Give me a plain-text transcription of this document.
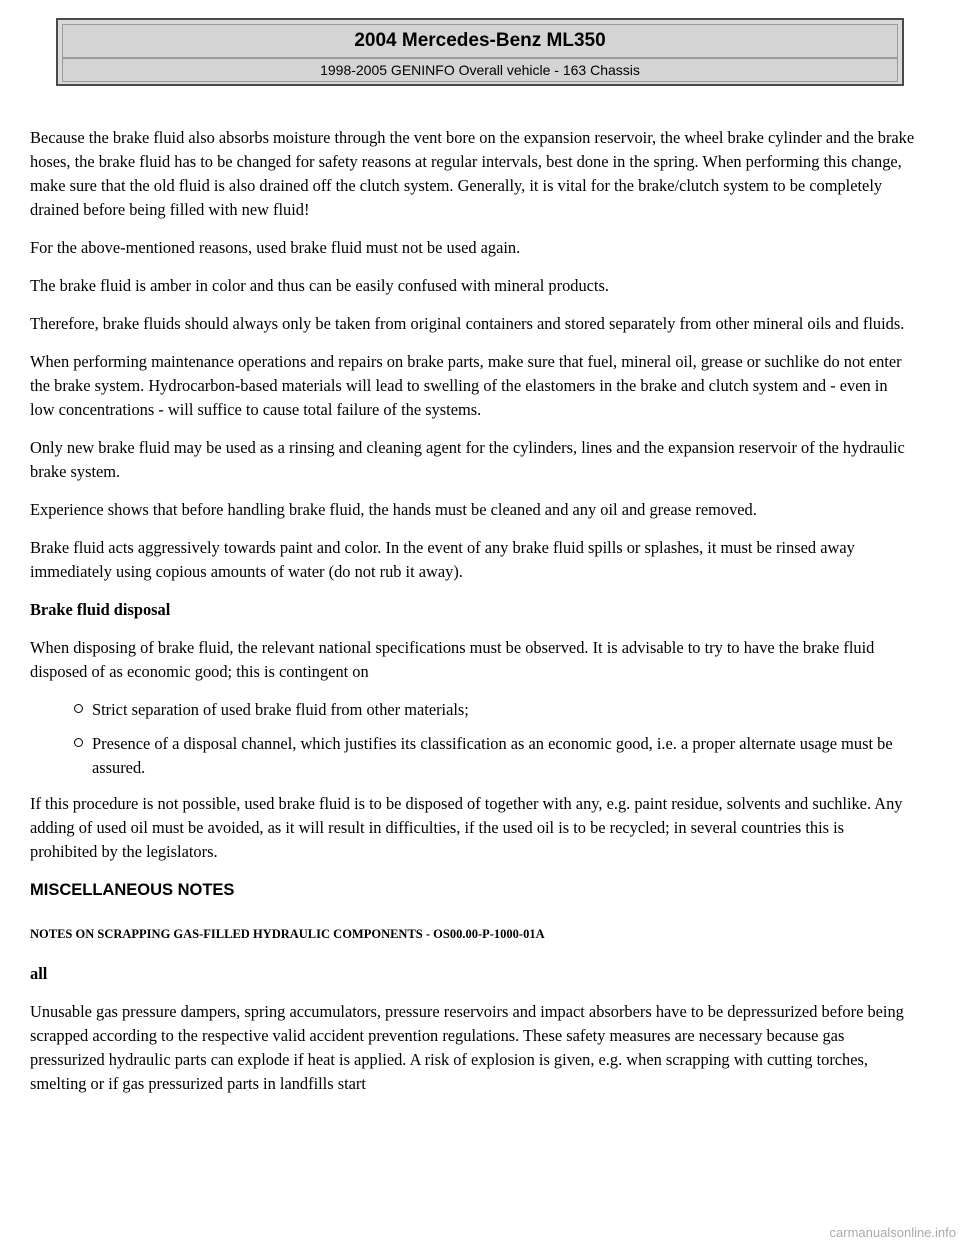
2004 Mercedes-Benz ML350
1998-2005 GENINFO Overall vehicle - 163 Chassis

Because the brake fluid also absorbs moisture through the vent bore on the expansion reservoir, the wheel brake cylinder and the brake hoses, the brake fluid has to be changed for safety reasons at regular intervals, best done in the spring. When performing this change, make sure that the old fluid is also drained off the clutch system. Generally, it is vital for the brake/clutch system to be completely drained before being filled with new fluid!

For the above-mentioned reasons, used brake fluid must not be used again.

The brake fluid is amber in color and thus can be easily confused with mineral products.

Therefore, brake fluids should always only be taken from original containers and stored separately from other mineral oils and fluids.

When performing maintenance operations and repairs on brake parts, make sure that fuel, mineral oil, grease or suchlike do not enter the brake system. Hydrocarbon-based materials will lead to swelling of the elastomers in the brake and clutch system and - even in low concentrations - will suffice to cause total failure of the systems.

Only new brake fluid may be used as a rinsing and cleaning agent for the cylinders, lines and the expansion reservoir of the hydraulic brake system.

Experience shows that before handling brake fluid, the hands must be cleaned and any oil and grease removed.

Brake fluid acts aggressively towards paint and color. In the event of any brake fluid spills or splashes, it must be rinsed away immediately using copious amounts of water (do not rub it away).

Brake fluid disposal

When disposing of brake fluid, the relevant national specifications must be observed. It is advisable to try to have the brake fluid disposed of as economic good; this is contingent on

Strict separation of used brake fluid from other materials;
Presence of a disposal channel, which justifies its classification as an economic good, i.e. a proper alternate usage must be assured.

If this procedure is not possible, used brake fluid is to be disposed of together with any, e.g. paint residue, solvents and suchlike. Any adding of used oil must be avoided, as it will result in difficulties, if the used oil is to be recycled; in several countries this is prohibited by the legislators.

MISCELLANEOUS NOTES
NOTES ON SCRAPPING GAS-FILLED HYDRAULIC COMPONENTS - OS00.00-P-1000-01A
all

Unusable gas pressure dampers, spring accumulators, pressure reservoirs and impact absorbers have to be depressurized before being scrapped according to the respective valid accident prevention regulations. These safety measures are necessary because gas pressurized hydraulic parts can explode if heat is applied. A risk of explosion is given, e.g. when scrapping with cutting torches, smelting or if gas pressurized parts in landfills start

carmanualsonline.info
